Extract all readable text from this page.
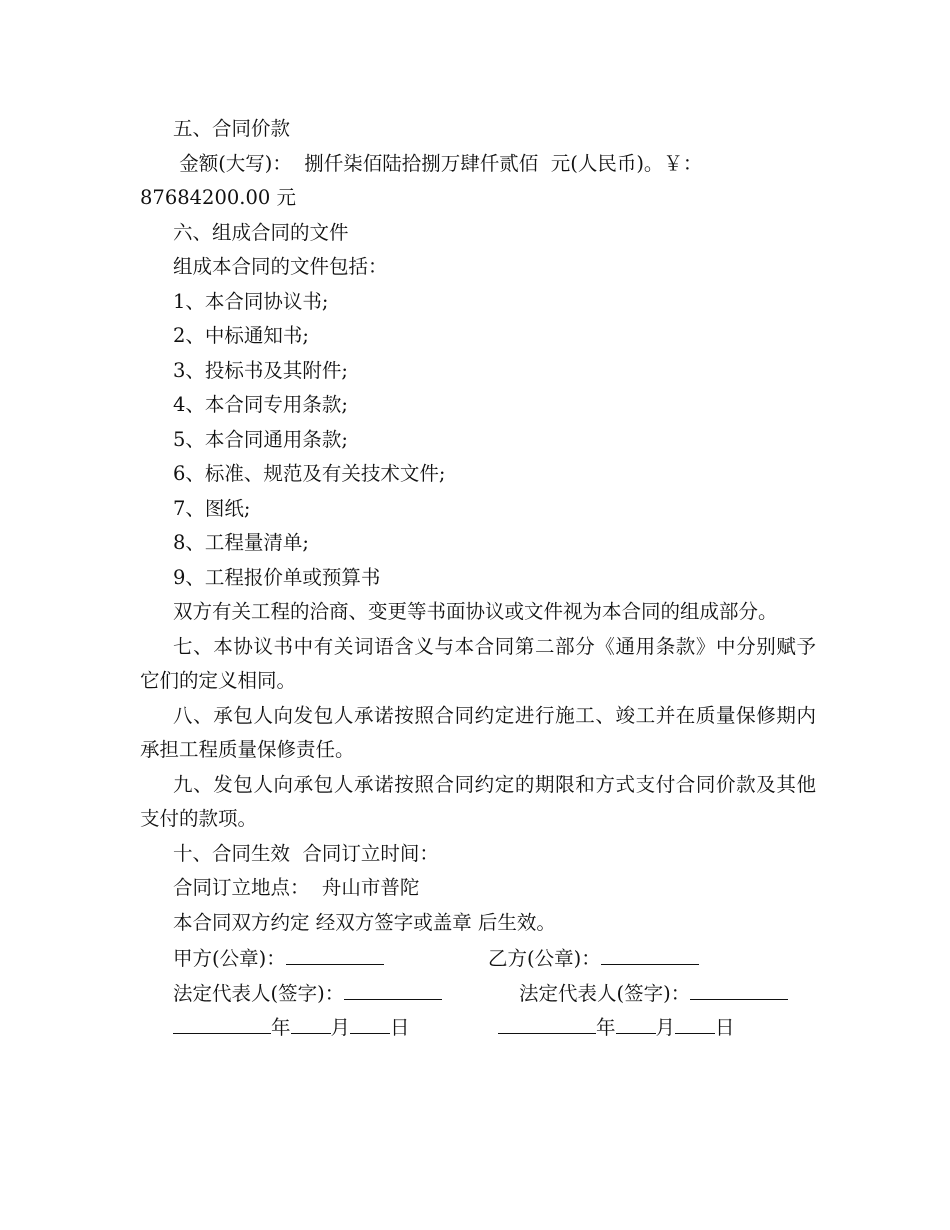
五、合同价款

金额(大写)：  捌仟柒佰陆拾捌万肆仟贰佰  元(人民币)。￥：

87684200.00 元

六、组成合同的文件

组成本合同的文件包括：

1、本合同协议书;

2、中标通知书;

3、投标书及其附件;

4、本合同专用条款;

5、本合同通用条款;

6、标准、规范及有关技术文件;

7、图纸;

8、工程量清单;

9、工程报价单或预算书

双方有关工程的洽商、变更等书面协议或文件视为本合同的组成部分。

七、本协议书中有关词语含义与本合同第二部分《通用条款》中分别赋予它们的定义相同。

八、承包人向发包人承诺按照合同约定进行施工、竣工并在质量保修期内承担工程质量保修责任。

九、发包人向承包人承诺按照合同约定的期限和方式支付合同价款及其他支付的款项。

十、合同生效  合同订立时间：

合同订立地点：  舟山市普陀

本合同双方约定 经双方签字或盖章 后生效。

甲方(公章)：	乙方(公章)：
法定代表人(签字)：	法定代表人(签字)：
年 月 日	年 月 日
